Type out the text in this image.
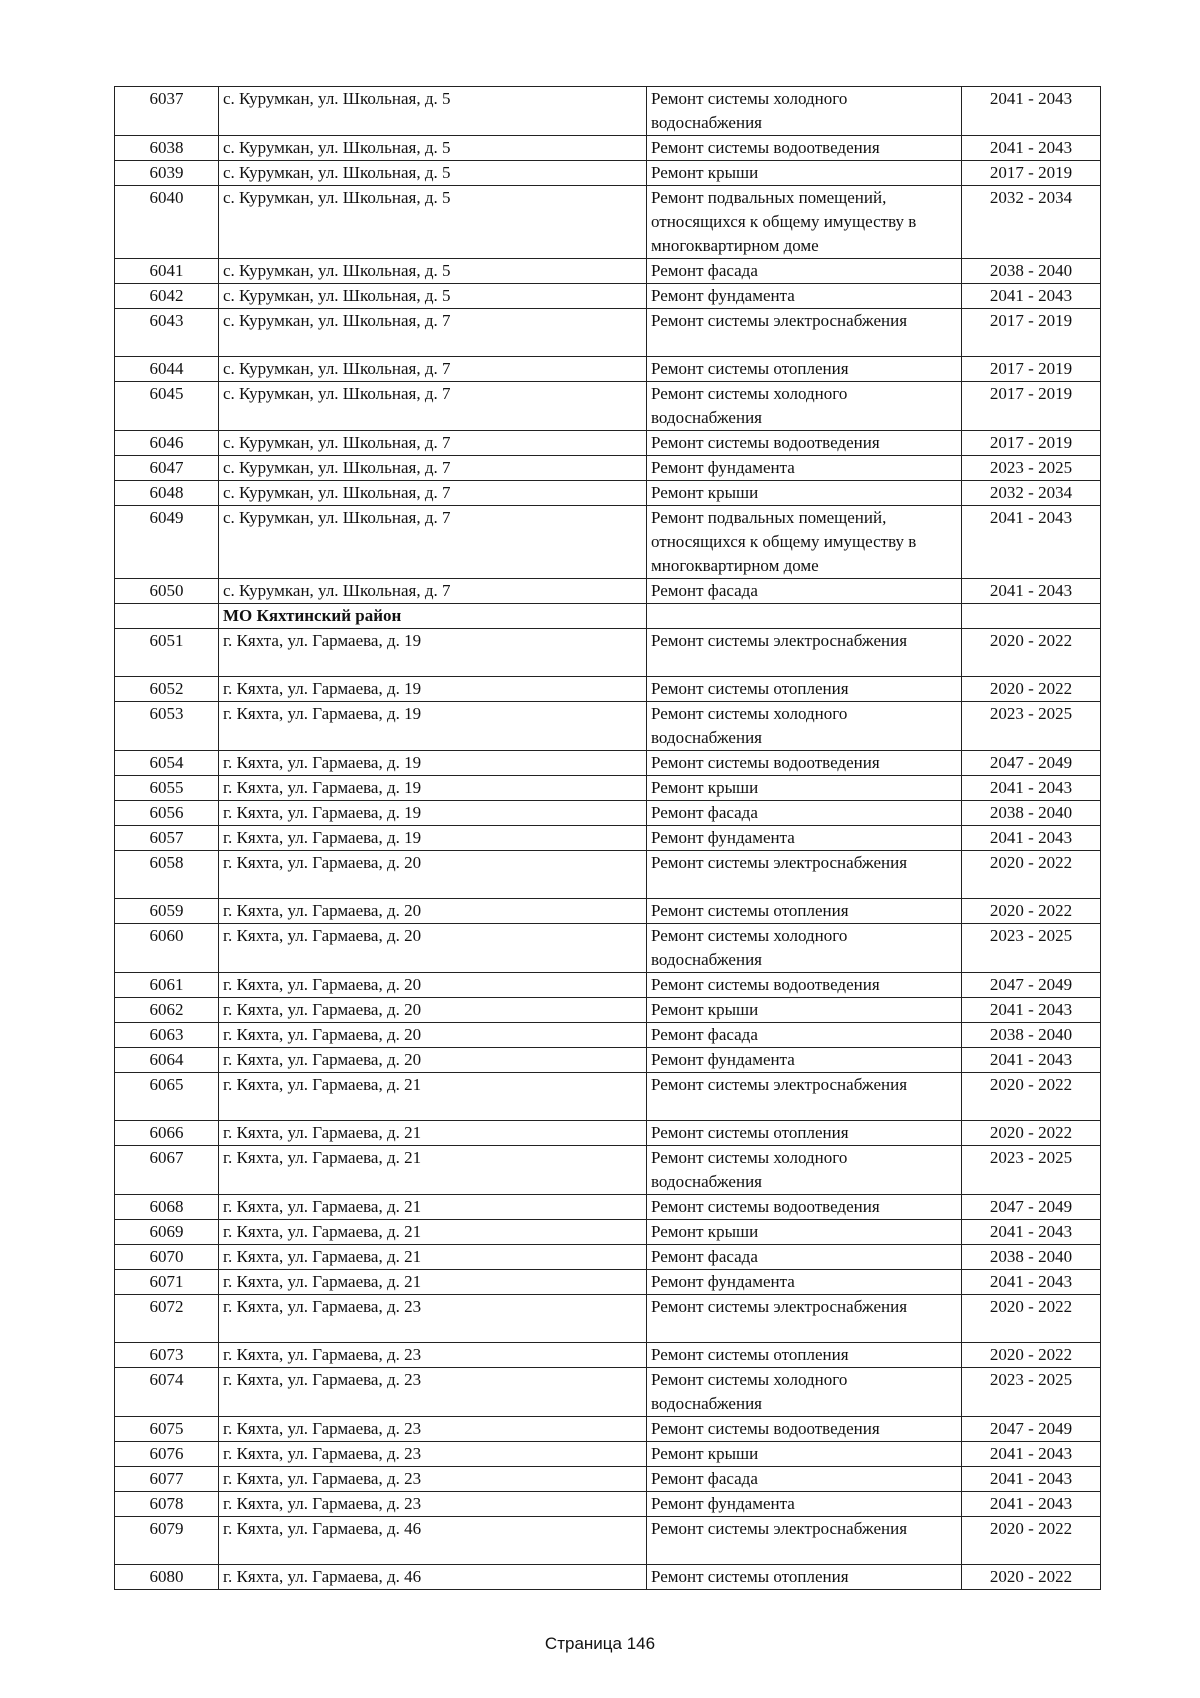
6037	с. Курумкан, ул. Школьная, д. 5	Ремонт системы холодного водоснабжения	2041 - 2043
6038	с. Курумкан, ул. Школьная, д. 5	Ремонт системы водоотведения	2041 - 2043
6039	с. Курумкан, ул. Школьная, д. 5	Ремонт крыши	2017 - 2019
6040	с. Курумкан, ул. Школьная, д. 5	Ремонт подвальных помещений, относящихся к общему имуществу в многоквартирном доме	2032 - 2034
6041	с. Курумкан, ул. Школьная, д. 5	Ремонт фасада	2038 - 2040
6042	с. Курумкан, ул. Школьная, д. 5	Ремонт фундамента	2041 - 2043
6043	с. Курумкан, ул. Школьная, д. 7	Ремонт системы электроснабжения	2017 - 2019
6044	с. Курумкан, ул. Школьная, д. 7	Ремонт системы отопления	2017 - 2019
6045	с. Курумкан, ул. Школьная, д. 7	Ремонт системы холодного водоснабжения	2017 - 2019
6046	с. Курумкан, ул. Школьная, д. 7	Ремонт системы водоотведения	2017 - 2019
6047	с. Курумкан, ул. Школьная, д. 7	Ремонт фундамента	2023 - 2025
6048	с. Курумкан, ул. Школьная, д. 7	Ремонт крыши	2032 - 2034
6049	с. Курумкан, ул. Школьная, д. 7	Ремонт подвальных помещений, относящихся к общему имуществу в многоквартирном доме	2041 - 2043
6050	с. Курумкан, ул. Школьная, д. 7	Ремонт фасада	2041 - 2043
	МО Кяхтинский район		
6051	г. Кяхта, ул. Гармаева, д. 19	Ремонт системы электроснабжения	2020 - 2022
6052	г. Кяхта, ул. Гармаева, д. 19	Ремонт системы отопления	2020 - 2022
6053	г. Кяхта, ул. Гармаева, д. 19	Ремонт системы холодного водоснабжения	2023 - 2025
6054	г. Кяхта, ул. Гармаева, д. 19	Ремонт системы водоотведения	2047 - 2049
6055	г. Кяхта, ул. Гармаева, д. 19	Ремонт крыши	2041 - 2043
6056	г. Кяхта, ул. Гармаева, д. 19	Ремонт фасада	2038 - 2040
6057	г. Кяхта, ул. Гармаева, д. 19	Ремонт фундамента	2041 - 2043
6058	г. Кяхта, ул. Гармаева, д. 20	Ремонт системы электроснабжения	2020 - 2022
6059	г. Кяхта, ул. Гармаева, д. 20	Ремонт системы отопления	2020 - 2022
6060	г. Кяхта, ул. Гармаева, д. 20	Ремонт системы холодного водоснабжения	2023 - 2025
6061	г. Кяхта, ул. Гармаева, д. 20	Ремонт системы водоотведения	2047 - 2049
6062	г. Кяхта, ул. Гармаева, д. 20	Ремонт крыши	2041 - 2043
6063	г. Кяхта, ул. Гармаева, д. 20	Ремонт фасада	2038 - 2040
6064	г. Кяхта, ул. Гармаева, д. 20	Ремонт фундамента	2041 - 2043
6065	г. Кяхта, ул. Гармаева, д. 21	Ремонт системы электроснабжения	2020 - 2022
6066	г. Кяхта, ул. Гармаева, д. 21	Ремонт системы отопления	2020 - 2022
6067	г. Кяхта, ул. Гармаева, д. 21	Ремонт системы холодного водоснабжения	2023 - 2025
6068	г. Кяхта, ул. Гармаева, д. 21	Ремонт системы водоотведения	2047 - 2049
6069	г. Кяхта, ул. Гармаева, д. 21	Ремонт крыши	2041 - 2043
6070	г. Кяхта, ул. Гармаева, д. 21	Ремонт фасада	2038 - 2040
6071	г. Кяхта, ул. Гармаева, д. 21	Ремонт фундамента	2041 - 2043
6072	г. Кяхта, ул. Гармаева, д. 23	Ремонт системы электроснабжения	2020 - 2022
6073	г. Кяхта, ул. Гармаева, д. 23	Ремонт системы отопления	2020 - 2022
6074	г. Кяхта, ул. Гармаева, д. 23	Ремонт системы холодного водоснабжения	2023 - 2025
6075	г. Кяхта, ул. Гармаева, д. 23	Ремонт системы водоотведения	2047 - 2049
6076	г. Кяхта, ул. Гармаева, д. 23	Ремонт крыши	2041 - 2043
6077	г. Кяхта, ул. Гармаева, д. 23	Ремонт фасада	2041 - 2043
6078	г. Кяхта, ул. Гармаева, д. 23	Ремонт фундамента	2041 - 2043
6079	г. Кяхта, ул. Гармаева, д. 46	Ремонт системы электроснабжения	2020 - 2022
6080	г. Кяхта, ул. Гармаева, д. 46	Ремонт системы отопления	2020 - 2022
Страница 146
